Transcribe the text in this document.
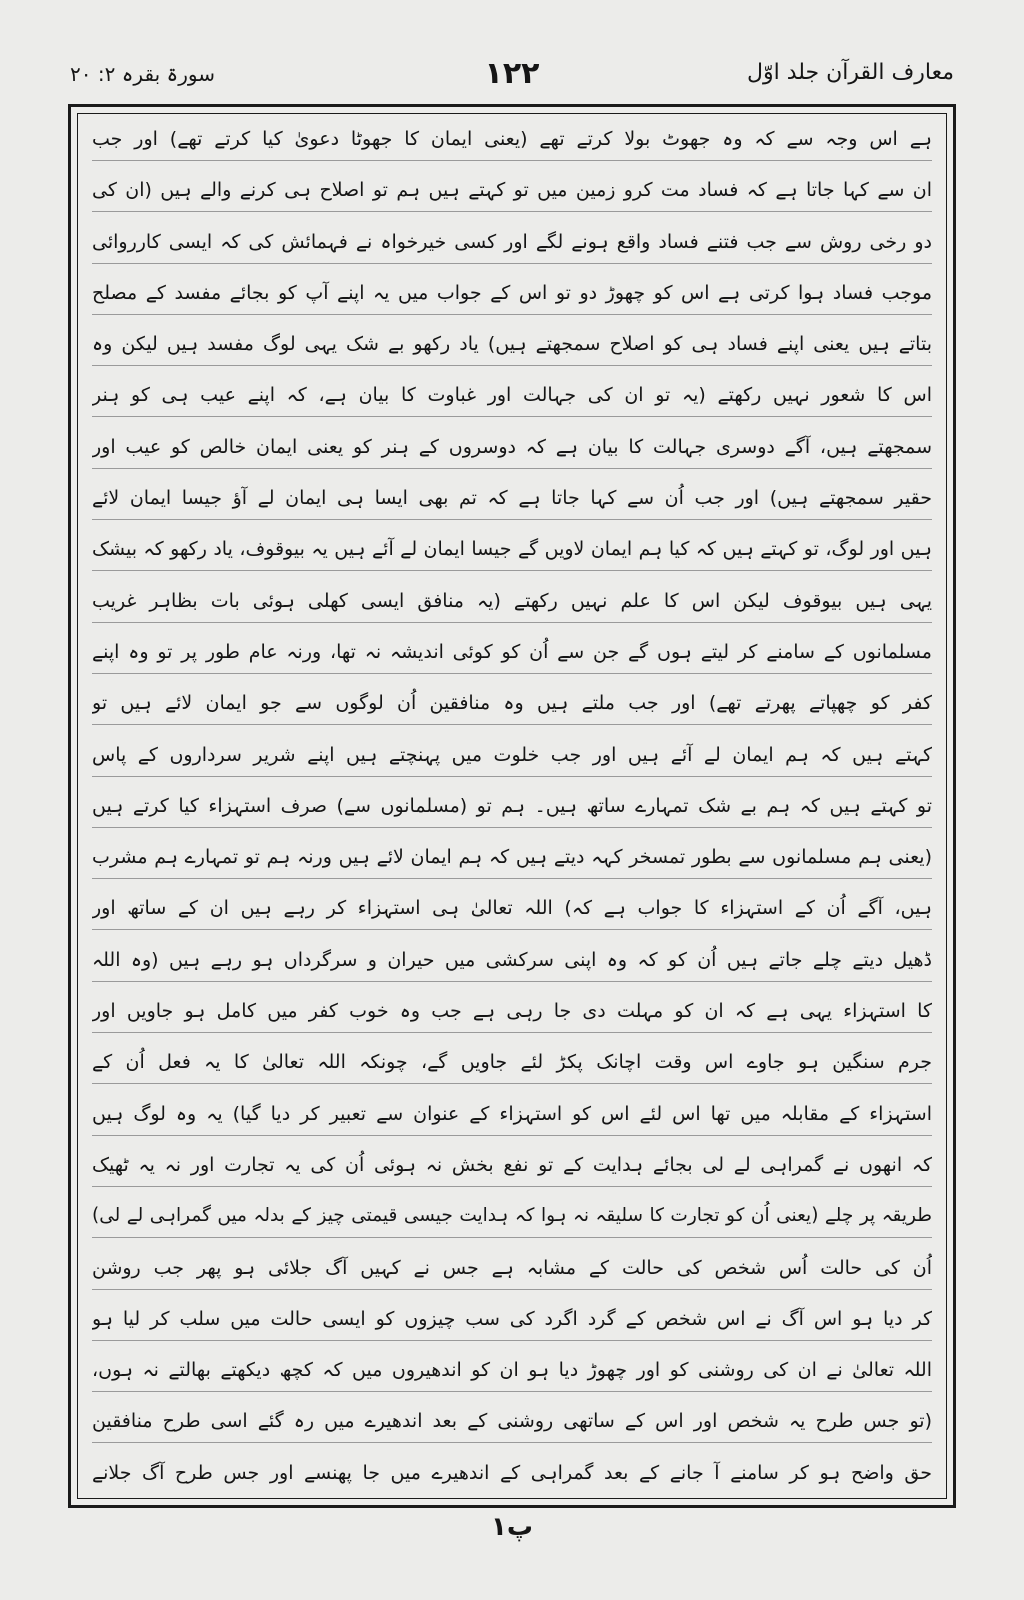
معارف القرآن جلد اوّل
۱۲۲
سورۃ بقرہ ۲: ۲۰
ہے اس وجہ سے کہ وہ جھوٹ بولا کرتے تھے (یعنی ایمان کا جھوٹا دعویٰ کیا کرتے تھے) اور جب
ان سے کہا جاتا ہے کہ فساد مت کرو زمین میں تو کہتے ہیں ہم تو اصلاح ہی کرنے والے ہیں (ان کی
دو رخی روش سے جب فتنے فساد واقع ہونے لگے اور کسی خیرخواہ نے فہمائش کی کہ ایسی کارروائی
موجب فساد ہوا کرتی ہے اس کو چھوڑ دو تو اس کے جواب میں یہ اپنے آپ کو بجائے مفسد کے مصلح
بتاتے ہیں یعنی اپنے فساد ہی کو اصلاح سمجھتے ہیں) یاد رکھو بے شک یہی لوگ مفسد ہیں لیکن وہ
اس کا شعور نہیں رکھتے (یہ تو ان کی جہالت اور غباوت کا بیان ہے، کہ اپنے عیب ہی کو ہنر
سمجھتے ہیں، آگے دوسری جہالت کا بیان ہے کہ دوسروں کے ہنر کو یعنی ایمان خالص کو عیب اور
حقیر سمجھتے ہیں) اور جب اُن سے کہا جاتا ہے کہ تم بھی ایسا ہی ایمان لے آؤ جیسا ایمان لائے
ہیں اور لوگ، تو کہتے ہیں کہ کیا ہم ایمان لاویں گے جیسا ایمان لے آئے ہیں یہ بیوقوف، یاد رکھو کہ بیشک
یہی ہیں بیوقوف لیکن اس کا علم نہیں رکھتے (یہ منافق ایسی کھلی ہوئی بات بظاہر غریب
مسلمانوں کے سامنے کر لیتے ہوں گے جن سے اُن کو کوئی اندیشہ نہ تھا، ورنہ عام طور پر تو وہ اپنے
کفر کو چھپاتے پھرتے تھے) اور جب ملتے ہیں وہ منافقین اُن لوگوں سے جو ایمان لائے ہیں تو
کہتے ہیں کہ ہم ایمان لے آئے ہیں اور جب خلوت میں پہنچتے ہیں اپنے شریر سرداروں کے پاس
تو کہتے ہیں کہ ہم بے شک تمہارے ساتھ ہیں۔ ہم تو (مسلمانوں سے) صرف استہزاء کیا کرتے ہیں
(یعنی ہم مسلمانوں سے بطور تمسخر کہہ دیتے ہیں کہ ہم ایمان لائے ہیں ورنہ ہم تو تمہارے ہم مشرب
ہیں، آگے اُن کے استہزاء کا جواب ہے کہ) اللہ تعالیٰ ہی استہزاء کر رہے ہیں ان کے ساتھ اور
ڈھیل دیتے چلے جاتے ہیں اُن کو کہ وہ اپنی سرکشی میں حیران و سرگرداں ہو رہے ہیں (وہ اللہ
کا استہزاء یہی ہے کہ ان کو مہلت دی جا رہی ہے جب وہ خوب کفر میں کامل ہو جاویں اور
جرم سنگین ہو جاوے اس وقت اچانک پکڑ لئے جاویں گے، چونکہ اللہ تعالیٰ کا یہ فعل اُن کے
استہزاء کے مقابلہ میں تھا اس لئے اس کو استہزاء کے عنوان سے تعبیر کر دیا گیا) یہ وہ لوگ ہیں
کہ انھوں نے گمراہی لے لی بجائے ہدایت کے تو نفع بخش نہ ہوئی اُن کی یہ تجارت اور نہ یہ ٹھیک
طریقہ پر چلے (یعنی اُن کو تجارت کا سلیقہ نہ ہوا کہ ہدایت جیسی قیمتی چیز کے بدلہ میں گمراہی لے لی)
اُن کی حالت اُس شخص کی حالت کے مشابہ ہے جس نے کہیں آگ جلائی ہو پھر جب روشن
کر دیا ہو اس آگ نے اس شخص کے گرد اگرد کی سب چیزوں کو ایسی حالت میں سلب کر لیا ہو
اللہ تعالیٰ نے ان کی روشنی کو اور چھوڑ دیا ہو ان کو اندھیروں میں کہ کچھ دیکھتے بھالتے نہ ہوں،
(تو جس طرح یہ شخص اور اس کے ساتھی روشنی کے بعد اندھیرے میں رہ گئے اسی طرح منافقین
حق واضح ہو کر سامنے آ جانے کے بعد گمراہی کے اندھیرے میں جا پھنسے اور جس طرح آگ جلانے
پ۱
